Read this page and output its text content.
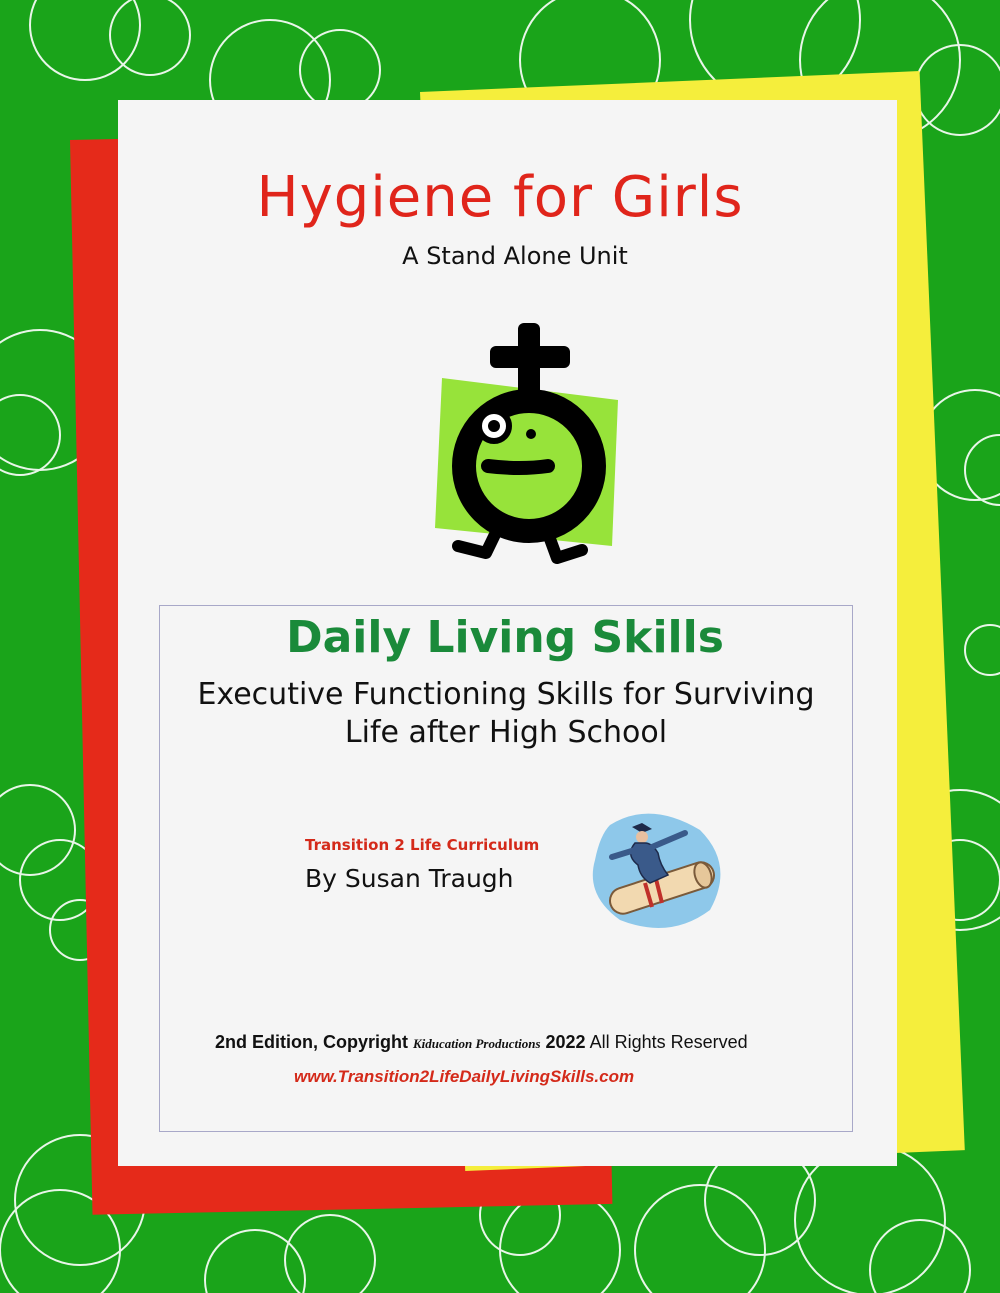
Hygiene for Girls
A Stand Alone Unit
Daily Living Skills
Executive Functioning Skills for Surviving
Life after High School
Transition 2 Life Curriculum
By Susan Traugh
2nd Edition, Copyright Kiducation Productions 2022 All Rights Reserved
www.Transition2LifeDailyLivingSkills.com
